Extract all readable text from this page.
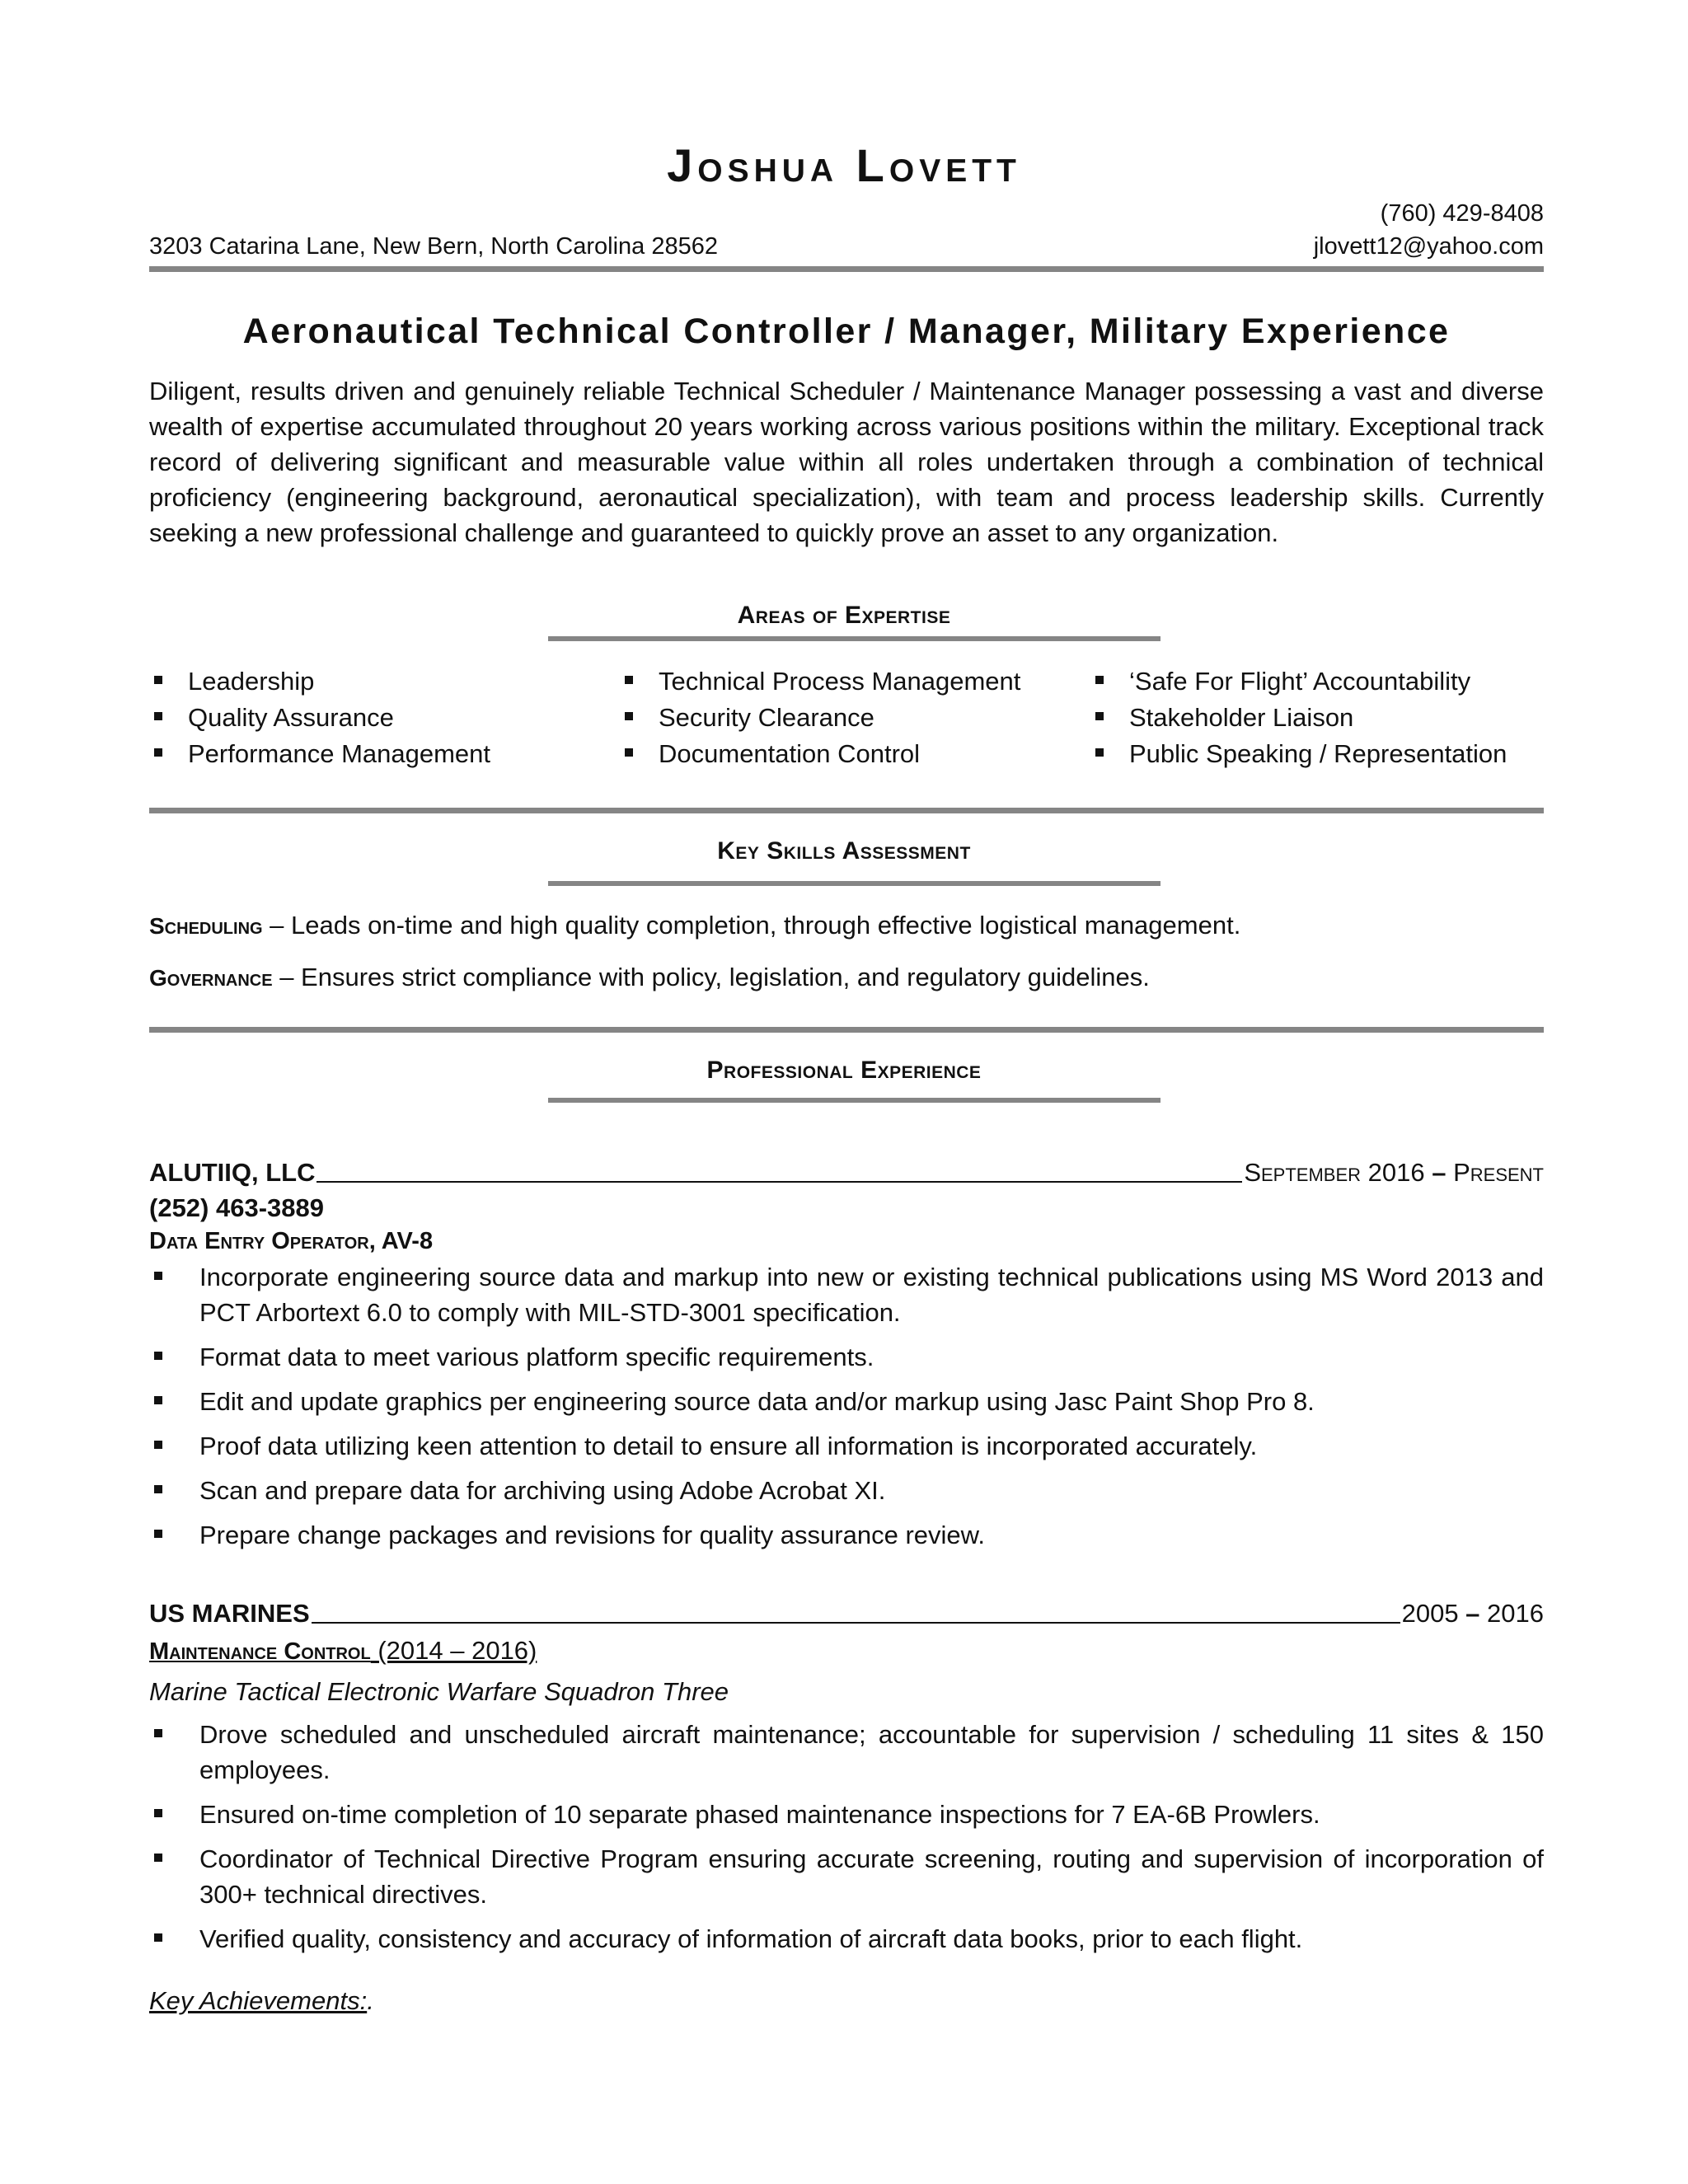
Joshua Lovett
(760) 429-8408
3203 Catarina Lane, New Bern, North Carolina 28562	jlovett12@yahoo.com
Aeronautical Technical Controller / Manager, Military Experience
Diligent, results driven and genuinely reliable Technical Scheduler / Maintenance Manager possessing a vast and diverse wealth of expertise accumulated throughout 20 years working across various positions within the military. Exceptional track record of delivering significant and measurable value within all roles undertaken through a combination of technical proficiency (engineering background, aeronautical specialization), with team and process leadership skills. Currently seeking a new professional challenge and guaranteed to quickly prove an asset to any organization.
Areas of Expertise
Leadership
Quality Assurance
Performance Management
Technical Process Management
Security Clearance
Documentation Control
‘Safe For Flight’ Accountability
Stakeholder Liaison
Public Speaking / Representation
Key Skills Assessment
Scheduling – Leads on-time and high quality completion, through effective logistical management.
Governance – Ensures strict compliance with policy, legislation, and regulatory guidelines.
Professional Experience
ALUTIIQ, LLC	September 2016 – Present
(252) 463-3889
Data Entry Operator, AV-8
Incorporate engineering source data and markup into new or existing technical publications using MS Word 2013 and PCT Arbortext 6.0 to comply with MIL-STD-3001 specification.
Format data to meet various platform specific requirements.
Edit and update graphics per engineering source data and/or markup using Jasc Paint Shop Pro 8.
Proof data utilizing keen attention to detail to ensure all information is incorporated accurately.
Scan and prepare data for archiving using Adobe Acrobat XI.
Prepare change packages and revisions for quality assurance review.
US MARINES	2005 – 2016
Maintenance Control (2014 – 2016)
Marine Tactical Electronic Warfare Squadron Three
Drove scheduled and unscheduled aircraft maintenance; accountable for supervision / scheduling 11 sites & 150 employees.
Ensured on-time completion of 10 separate phased maintenance inspections for 7 EA-6B Prowlers.
Coordinator of Technical Directive Program ensuring accurate screening, routing and supervision of incorporation of 300+ technical directives.
Verified quality, consistency and accuracy of information of aircraft data books, prior to each flight.
Key Achievements:.
